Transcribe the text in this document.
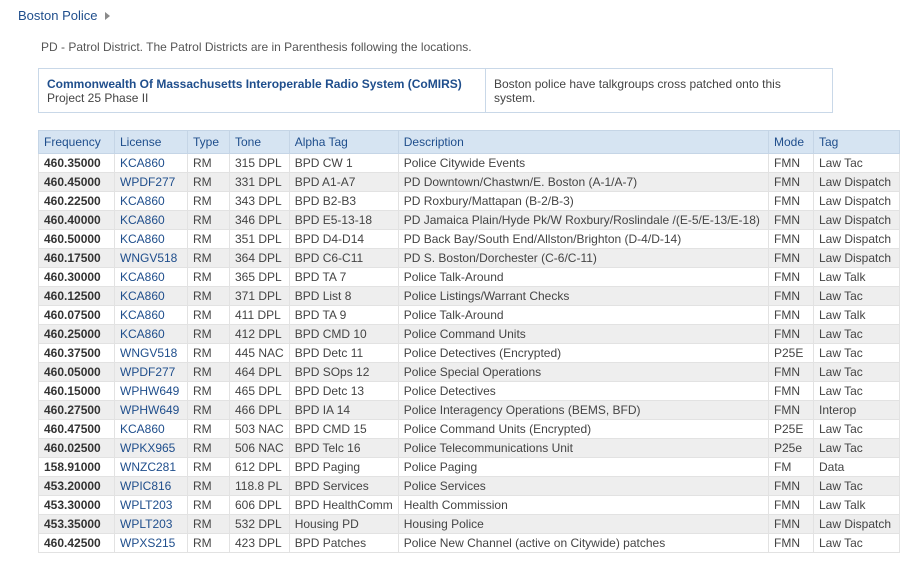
Boston Police
PD - Patrol District. The Patrol Districts are in Parenthesis following the locations.
Commonwealth Of Massachusetts Interoperable Radio System (CoMIRS)
Project 25 Phase II
Boston police have talkgroups cross patched onto this system.
Frequency	License	Type	Tone	Alpha Tag	Description	Mode	Tag
460.35000	KCA860	RM	315 DPL	BPD CW 1	Police Citywide Events	FMN	Law Tac
460.45000	WPDF277	RM	331 DPL	BPD A1-A7	PD Downtown/Chastwn/E. Boston (A-1/A-7)	FMN	Law Dispatch
460.22500	KCA860	RM	343 DPL	BPD B2-B3	PD Roxbury/Mattapan (B-2/B-3)	FMN	Law Dispatch
460.40000	KCA860	RM	346 DPL	BPD E5-13-18	PD Jamaica Plain/Hyde Pk/W Roxbury/Roslindale /(E-5/E-13/E-18)	FMN	Law Dispatch
460.50000	KCA860	RM	351 DPL	BPD D4-D14	PD Back Bay/South End/Allston/Brighton (D-4/D-14)	FMN	Law Dispatch
460.17500	WNGV518	RM	364 DPL	BPD C6-C11	PD S. Boston/Dorchester (C-6/C-11)	FMN	Law Dispatch
460.30000	KCA860	RM	365 DPL	BPD TA 7	Police Talk-Around	FMN	Law Talk
460.12500	KCA860	RM	371 DPL	BPD List 8	Police Listings/Warrant Checks	FMN	Law Tac
460.07500	KCA860	RM	411 DPL	BPD TA 9	Police Talk-Around	FMN	Law Talk
460.25000	KCA860	RM	412 DPL	BPD CMD 10	Police Command Units	FMN	Law Tac
460.37500	WNGV518	RM	445 NAC	BPD Detc 11	Police Detectives (Encrypted)	P25E	Law Tac
460.05000	WPDF277	RM	464 DPL	BPD SOps 12	Police Special Operations	FMN	Law Tac
460.15000	WPHW649	RM	465 DPL	BPD Detc 13	Police Detectives	FMN	Law Tac
460.27500	WPHW649	RM	466 DPL	BPD IA 14	Police Interagency Operations (BEMS, BFD)	FMN	Interop
460.47500	KCA860	RM	503 NAC	BPD CMD 15	Police Command Units (Encrypted)	P25E	Law Tac
460.02500	WPKX965	RM	506 NAC	BPD Telc 16	Police Telecommunications Unit	P25e	Law Tac
158.91000	WNZC281	RM	612 DPL	BPD Paging	Police Paging	FM	Data
453.20000	WPIC816	RM	118.8 PL	BPD Services	Police Services	FMN	Law Tac
453.30000	WPLT203	RM	606 DPL	BPD HealthComm	Health Commission	FMN	Law Talk
453.35000	WPLT203	RM	532 DPL	Housing PD	Housing Police	FMN	Law Dispatch
460.42500	WPXS215	RM	423 DPL	BPD Patches	Police New Channel (active on Citywide) patches	FMN	Law Tac
